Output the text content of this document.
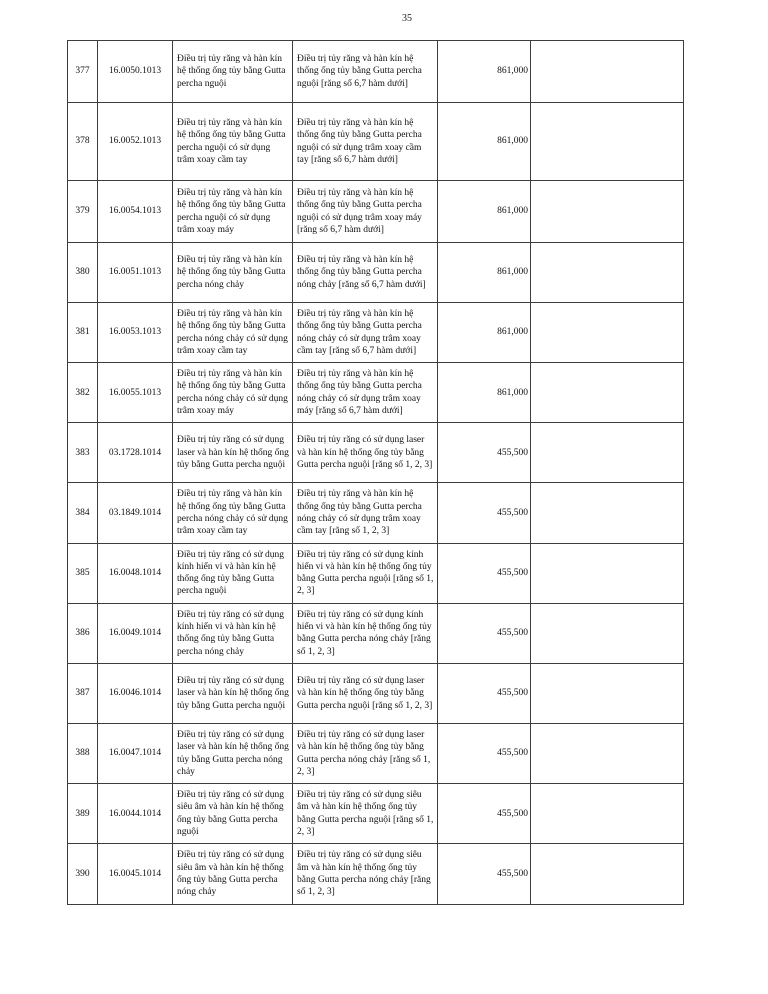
35
377	16.0050.1013	Điều trị tủy răng và hàn kín hệ thống ống tủy bằng Gutta percha nguội	Điều trị tủy răng và hàn kín hệ thống ống tủy bằng Gutta percha nguội [răng số 6,7 hàm dưới]	861,000	
378	16.0052.1013	Điều trị tủy răng và hàn kín hệ thống ống tủy bằng Gutta percha nguội có sử dụng trâm xoay cầm tay	Điều trị tủy răng và hàn kín hệ thống ống tủy bằng Gutta percha nguội có sử dụng trâm xoay cầm tay [răng số 6,7 hàm dưới]	861,000	
379	16.0054.1013	Điều trị tủy răng và hàn kín hệ thống ống tủy bằng Gutta percha nguội có sử dụng trâm xoay máy	Điều trị tủy răng và hàn kín hệ thống ống tủy bằng Gutta percha nguội có sử dụng trâm xoay máy [răng số 6,7 hàm dưới]	861,000	
380	16.0051.1013	Điều trị tủy răng và hàn kín hệ thống ống tủy bằng Gutta percha nóng chảy	Điều trị tủy răng và hàn kín hệ thống ống tủy bằng Gutta percha nóng chảy [răng số 6,7 hàm dưới]	861,000	
381	16.0053.1013	Điều trị tủy răng và hàn kín hệ thống ống tủy bằng Gutta percha nóng chảy có sử dụng trâm xoay cầm tay	Điều trị tủy răng và hàn kín hệ thống ống tủy bằng Gutta percha nóng chảy có sử dụng trâm xoay cầm tay [răng số 6,7 hàm dưới]	861,000	
382	16.0055.1013	Điều trị tủy răng và hàn kín hệ thống ống tủy bằng Gutta percha nóng chảy có sử dụng trâm xoay máy	Điều trị tủy răng và hàn kín hệ thống ống tủy bằng Gutta percha nóng chảy có sử dụng trâm xoay máy [răng số 6,7 hàm dưới]	861,000	
383	03.1728.1014	Điều trị tủy răng có sử dụng laser và hàn kín hệ thống ống tủy bằng Gutta percha nguội	Điều trị tủy răng có sử dụng laser và hàn kín hệ thống ống tủy bằng Gutta percha nguội [răng số 1, 2, 3]	455,500	
384	03.1849.1014	Điều trị tủy răng và hàn kín hệ thống ống tủy bằng Gutta percha nóng chảy có sử dụng trâm xoay cầm tay	Điều trị tủy răng và hàn kín hệ thống ống tủy bằng Gutta percha nóng chảy có sử dụng trâm xoay cầm tay [răng số 1, 2, 3]	455,500	
385	16.0048.1014	Điều trị tủy răng có sử dụng kính hiển vi và hàn kín hệ thống ống tủy bằng Gutta percha nguội	Điều trị tủy răng có sử dụng kính hiển vi và hàn kín hệ thống ống tủy bằng Gutta percha nguội [răng số 1, 2, 3]	455,500	
386	16.0049.1014	Điều trị tủy răng có sử dụng kính hiển vi và hàn kín hệ thống ống tủy bằng Gutta percha nóng chảy	Điều trị tủy răng có sử dụng kính hiển vi và hàn kín hệ thống ống tủy bằng Gutta percha nóng chảy [răng số 1, 2, 3]	455,500	
387	16.0046.1014	Điều trị tủy răng có sử dụng laser và hàn kín hệ thống ống tủy bằng Gutta percha nguội	Điều trị tủy răng có sử dụng laser và hàn kín hệ thống ống tủy bằng Gutta percha nguội [răng số 1, 2, 3]	455,500	
388	16.0047.1014	Điều trị tủy răng có sử dụng laser và hàn kín hệ thống ống tủy bằng Gutta percha nóng chảy	Điều trị tủy răng có sử dụng laser và hàn kín hệ thống ống tủy bằng Gutta percha nóng chảy [răng số 1, 2, 3]	455,500	
389	16.0044.1014	Điều trị tủy răng có sử dụng siêu âm và hàn kín hệ thống ống tủy bằng Gutta percha nguội	Điều trị tủy răng có sử dụng siêu âm và hàn kín hệ thống ống tủy bằng Gutta percha nguội [răng số 1, 2, 3]	455,500	
390	16.0045.1014	Điều trị tủy răng có sử dụng siêu âm và hàn kín hệ thống ống tủy bằng Gutta percha nóng chảy	Điều trị tủy răng có sử dụng siêu âm và hàn kín hệ thống ống tủy bằng Gutta percha nóng chảy [răng số 1, 2, 3]	455,500	
